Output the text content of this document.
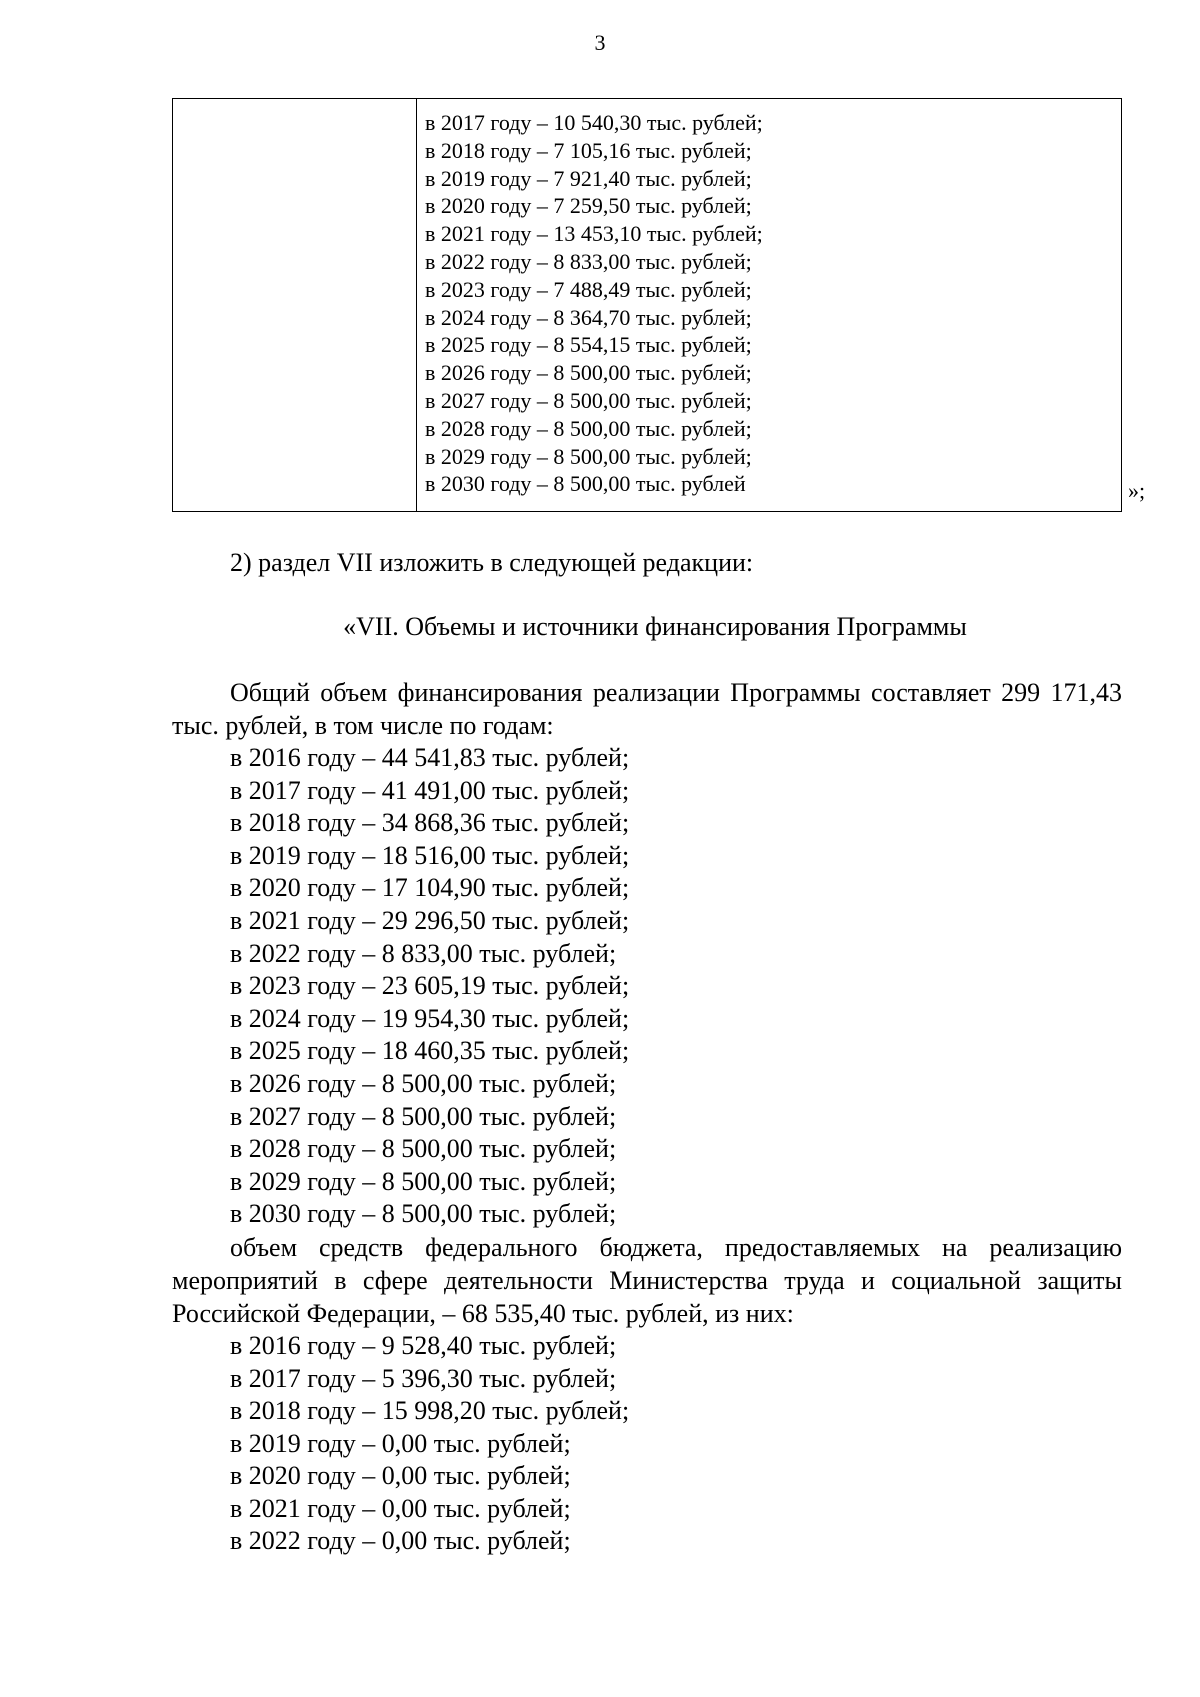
3
в 2017 году – 10 540,30 тыс. рублей;
в 2018 году – 7 105,16 тыс. рублей;
в 2019 году – 7 921,40 тыс. рублей;
в 2020 году – 7 259,50 тыс. рублей;
в 2021 году – 13 453,10 тыс. рублей;
в 2022 году – 8 833,00 тыс. рублей;
в 2023 году – 7 488,49 тыс. рублей;
в 2024 году – 8 364,70 тыс. рублей;
в 2025 году – 8 554,15 тыс. рублей;
в 2026 году – 8 500,00 тыс. рублей;
в 2027 году – 8 500,00 тыс. рублей;
в 2028 году – 8 500,00 тыс. рублей;
в 2029 году – 8 500,00 тыс. рублей;
в 2030 году – 8 500,00 тыс. рублей	»;
2) раздел VII изложить в следующей редакции:
«VII. Объемы и источники финансирования Программы

Общий объем финансирования реализации Программы составляет 299 171,43 тыс. рублей, в том числе по годам:

в 2016 году – 44 541,83 тыс. рублей;
в 2017 году – 41 491,00 тыс. рублей;
в 2018 году – 34 868,36 тыс. рублей;
в 2019 году – 18 516,00 тыс. рублей;
в 2020 году – 17 104,90 тыс. рублей;
в 2021 году – 29 296,50 тыс. рублей;
в 2022 году – 8 833,00 тыс. рублей;
в 2023 году – 23 605,19 тыс. рублей;
в 2024 году – 19 954,30 тыс. рублей;
в 2025 году – 18 460,35 тыс. рублей;
в 2026 году – 8 500,00 тыс. рублей;
в 2027 году – 8 500,00 тыс. рублей;
в 2028 году – 8 500,00 тыс. рублей;
в 2029 году – 8 500,00 тыс. рублей;
в 2030 году – 8 500,00 тыс. рублей;

объем средств федерального бюджета, предоставляемых на реализацию мероприятий в сфере деятельности Министерства труда и социальной защиты Российской Федерации, – 68 535,40 тыс. рублей, из них:

в 2016 году – 9 528,40 тыс. рублей;
в 2017 году – 5 396,30 тыс. рублей;
в 2018 году – 15 998,20 тыс. рублей;
в 2019 году – 0,00 тыс. рублей;
в 2020 году – 0,00 тыс. рублей;
в 2021 году – 0,00 тыс. рублей;
в 2022 году – 0,00 тыс. рублей;
